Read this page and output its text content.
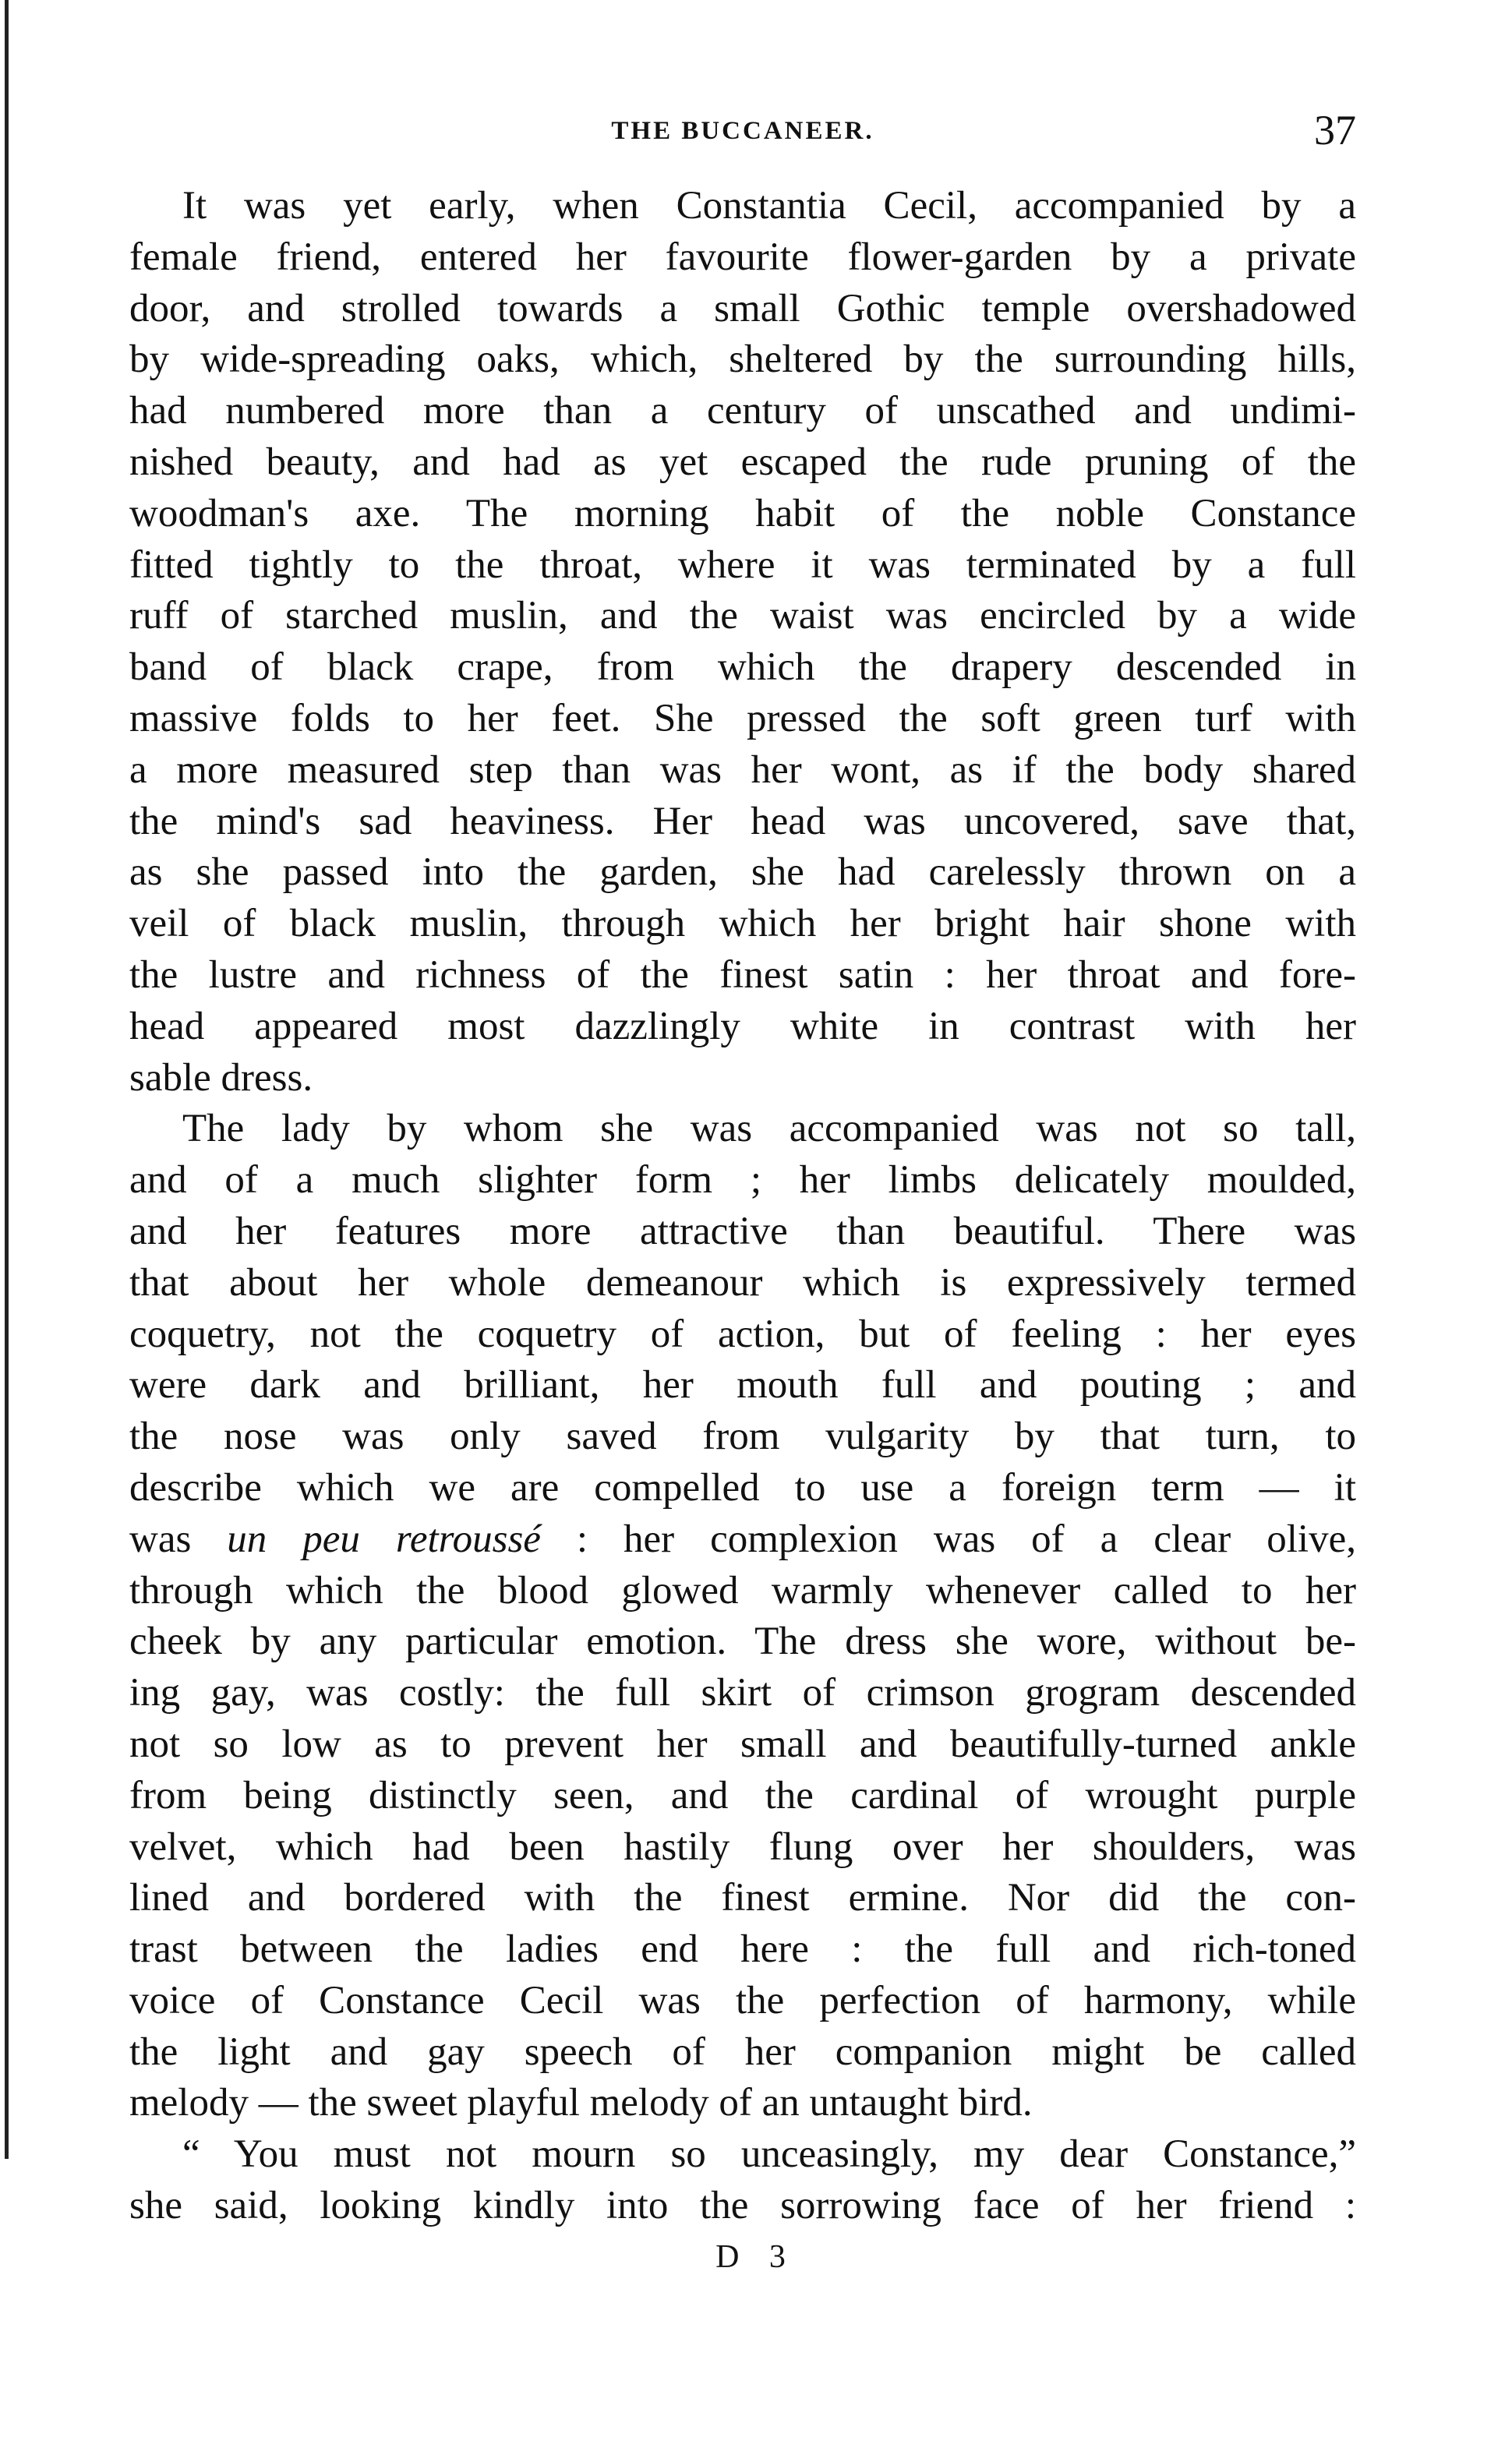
THE BUCCANEER.	37
It was yet early, when Constantia Cecil, accompanied by a
female friend, entered her favourite flower-garden by a private
door, and strolled towards a small Gothic temple overshadowed
by wide-spreading oaks, which, sheltered by the surrounding hills,
had numbered more than a century of unscathed and undimi-
nished beauty, and had as yet escaped the rude pruning of the
woodman's axe. The morning habit of the noble Constance
fitted tightly to the throat, where it was terminated by a full
ruff of starched muslin, and the waist was encircled by a wide
band of black crape, from which the drapery descended in
massive folds to her feet. She pressed the soft green turf with
a more measured step than was her wont, as if the body shared
the mind's sad heaviness. Her head was uncovered, save that,
as she passed into the garden, she had carelessly thrown on a
veil of black muslin, through which her bright hair shone with
the lustre and richness of the finest satin : her throat and fore-
head appeared most dazzlingly white in contrast with her
sable dress.
The lady by whom she was accompanied was not so tall,
and of a much slighter form ; her limbs delicately moulded,
and her features more attractive than beautiful. There was
that about her whole demeanour which is expressively termed
coquetry, not the coquetry of action, but of feeling : her eyes
were dark and brilliant, her mouth full and pouting ; and
the nose was only saved from vulgarity by that turn, to
describe which we are compelled to use a foreign term — it
was un peu retroussé : her complexion was of a clear olive,
through which the blood glowed warmly whenever called to her
cheek by any particular emotion. The dress she wore, without be-
ing gay, was costly: the full skirt of crimson grogram descended
not so low as to prevent her small and beautifully-turned ankle
from being distinctly seen, and the cardinal of wrought purple
velvet, which had been hastily flung over her shoulders, was
lined and bordered with the finest ermine. Nor did the con-
trast between the ladies end here : the full and rich-toned
voice of Constance Cecil was the perfection of harmony, while
the light and gay speech of her companion might be called
melody — the sweet playful melody of an untaught bird.
“ You must not mourn so unceasingly, my dear Constance,”
she said, looking kindly into the sorrowing face of her friend :
D 3
